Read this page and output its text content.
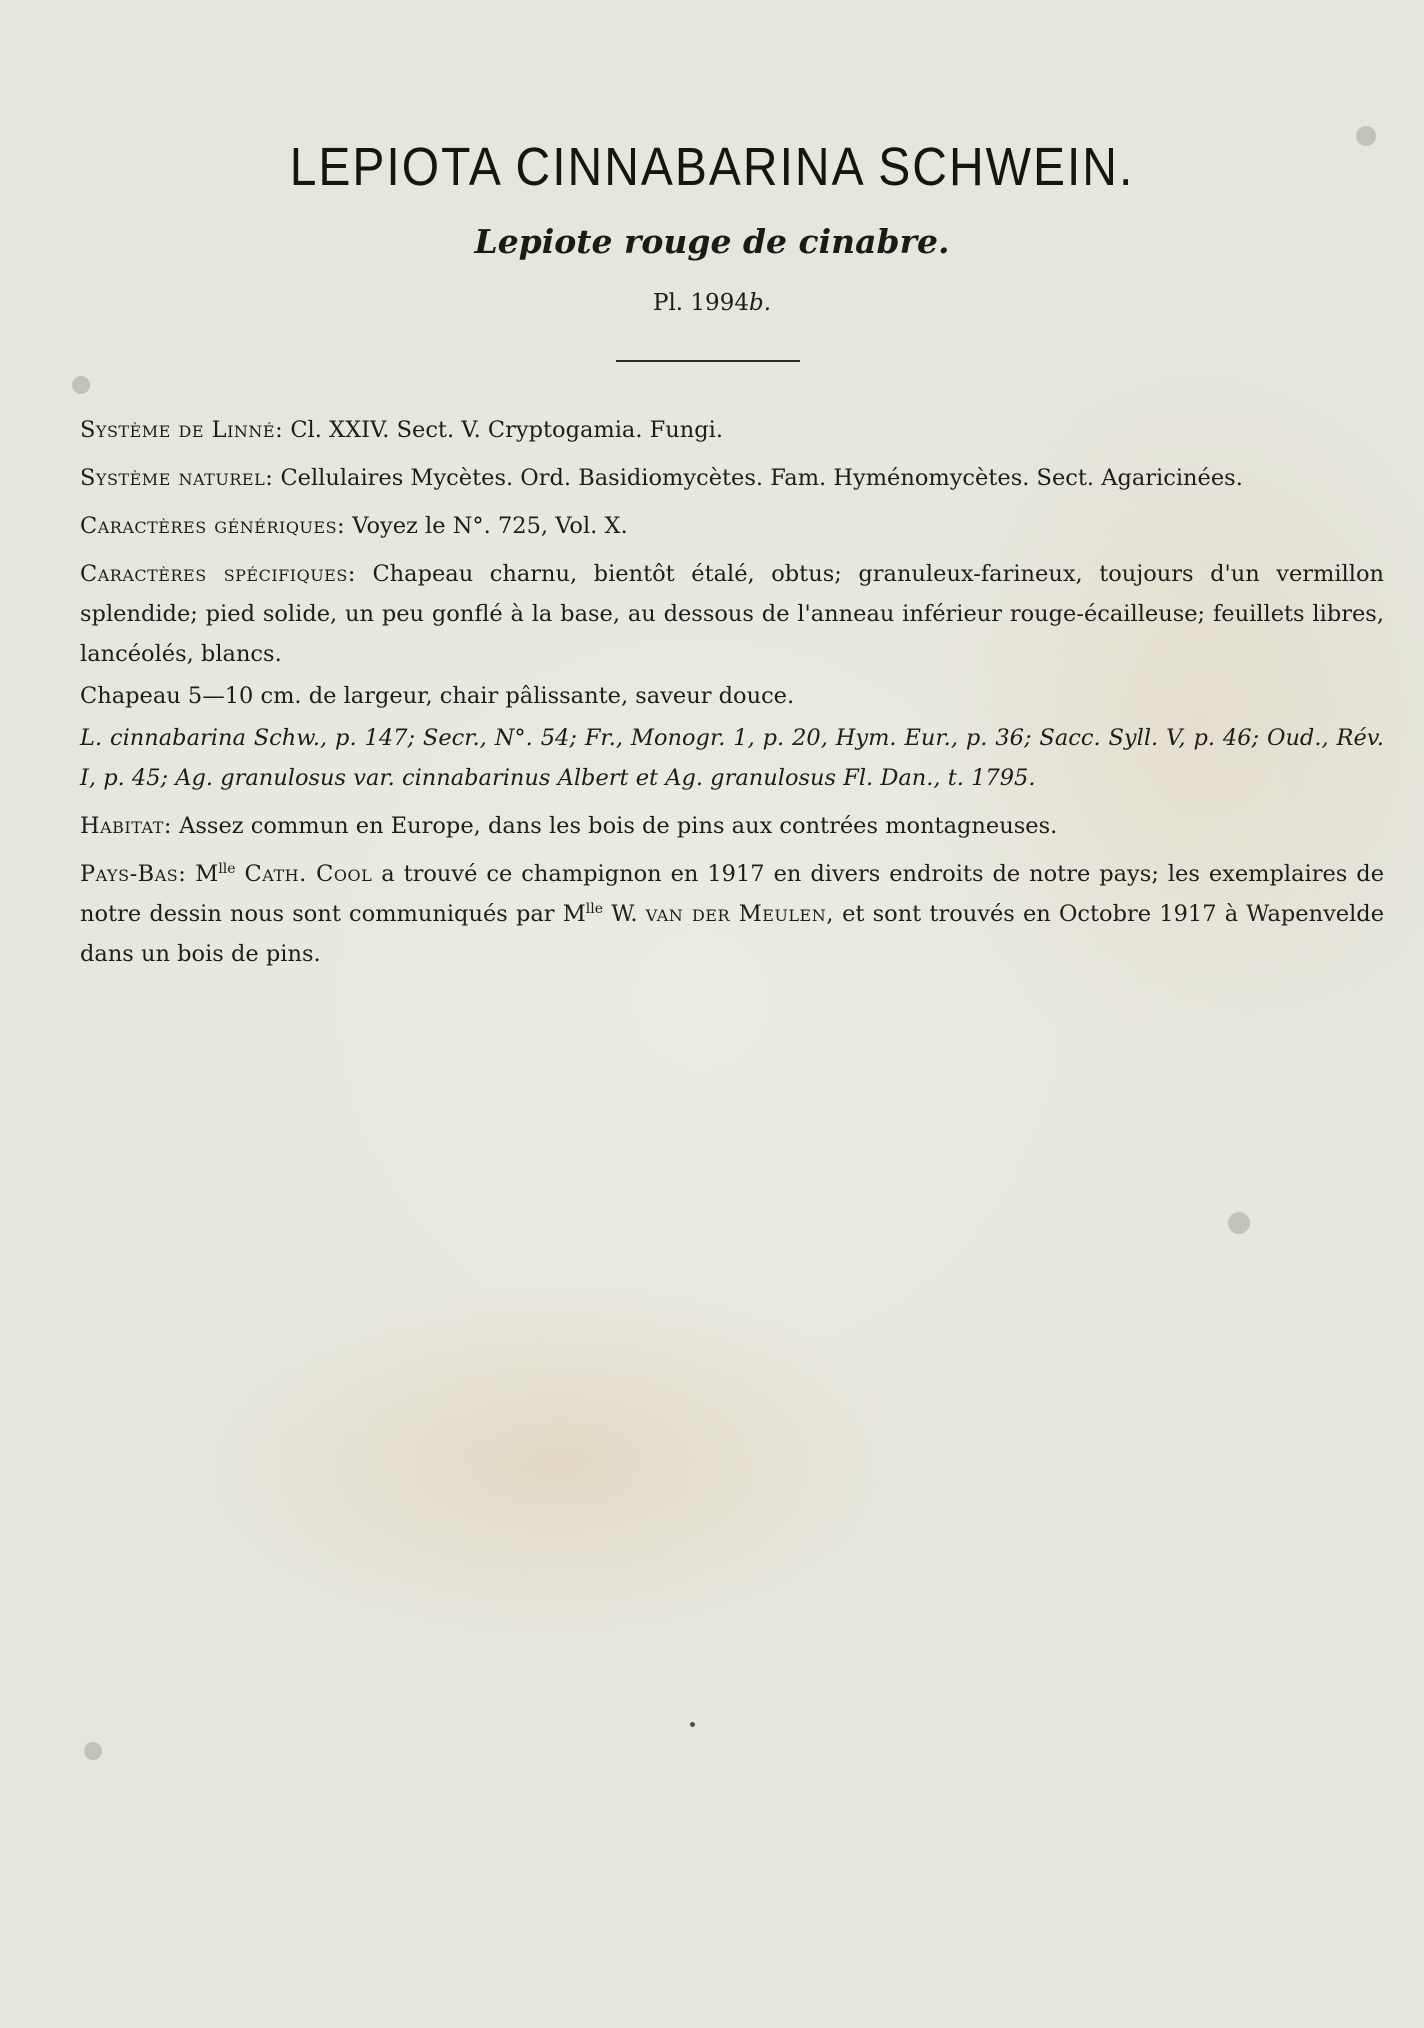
LEPIOTA CINNABARINA SCHWEIN.
Lepiote rouge de cinabre.
Pl. 1994b.

Système de Linné: Cl. XXIV. Sect. V. Cryptogamia. Fungi.

Système naturel: Cellulaires Mycètes. Ord. Basidiomycètes. Fam. Hyménomycètes. Sect. Agaricinées.

Caractères génériques: Voyez le N°. 725, Vol. X.

Caractères spécifiques: Chapeau charnu, bientôt étalé, obtus; granuleux-farineux, toujours d'un vermillon splendide; pied solide, un peu gonflé à la base, au dessous de l'anneau inférieur rouge-écailleuse; feuillets libres, lancéolés, blancs.

Chapeau 5—10 cm. de largeur, chair pâlissante, saveur douce.

L. cinnabarina Schw., p. 147; Secr., N°. 54; Fr., Monogr. 1, p. 20, Hym. Eur., p. 36; Sacc. Syll. V, p. 46; Oud., Rév. I, p. 45; Ag. granulosus var. cinnabarinus Albert et Ag. granulosus Fl. Dan., t. 1795.

Habitat: Assez commun en Europe, dans les bois de pins aux contrées montagneuses.

Pays-Bas: $M^{lle}$ Cath. Cool a trouvé ce champignon en 1917 en divers endroits de notre pays; les exemplaires de notre dessin nous sont communiqués par $M^{lle}$ W. van der Meulen, et sont trouvés en Octobre 1917 à Wapenvelde dans un bois de pins.
